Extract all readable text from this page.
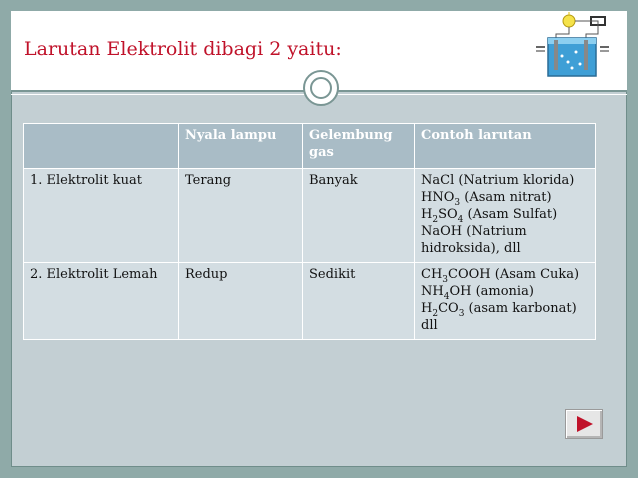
Larutan Elektrolit dibagi 2 yaitu:
	Nyala lampu	Gelembung gas	Contoh larutan
1. Elektrolit kuat	Terang	Banyak	NaCl (Natrium klorida)
$HNO_3$ (Asam nitrat)
$H_2SO_4$ (Asam Sulfat)
NaOH (Natrium hidroksida), dll

2. Elektrolit Lemah	Redup	Sedikit	$CH_3COOH$ (Asam Cuka)
$NH_4OH$ (amonia)
$H_2CO_3$ (asam karbonat)
dll
